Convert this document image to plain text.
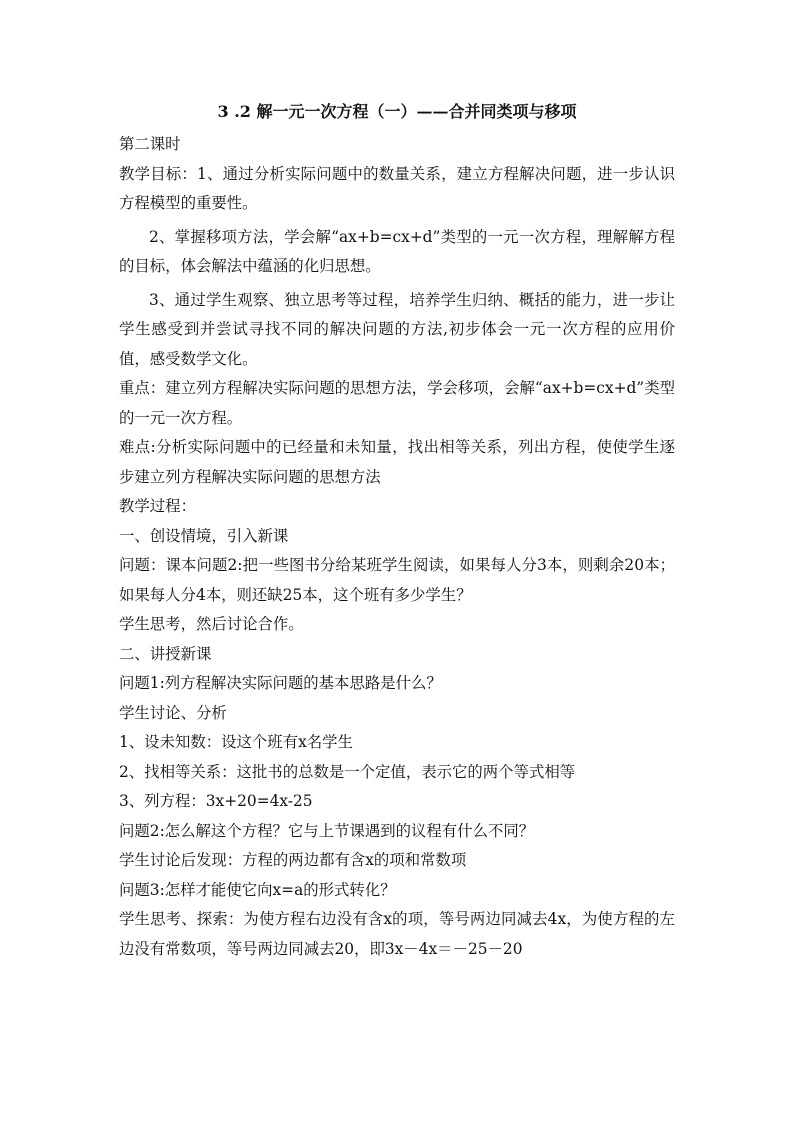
3 .2 解一元一次方程（一）——合并同类项与移项

第二课时

教学目标：1、通过分析实际问题中的数量关系，建立方程解决问题，进一步认识方程模型的重要性。

2、掌握移项方法，学会解“ax+b=cx+d”类型的一元一次方程，理解解方程的目标，体会解法中蕴涵的化归思想。

3、通过学生观察、独立思考等过程，培养学生归纳、概括的能力，进一步让学生感受到并尝试寻找不同的解决问题的方法,初步体会一元一次方程的应用价值，感受数学文化。

重点：建立列方程解决实际问题的思想方法，学会移项，会解“ax+b=cx+d”类型的一元一次方程。

难点:分析实际问题中的已经量和未知量，找出相等关系，列出方程，使使学生逐步建立列方程解决实际问题的思想方法

教学过程：

一、创设情境，引入新课

问题：课本问题2:把一些图书分给某班学生阅读，如果每人分3本，则剩余20本；如果每人分4本，则还缺25本，这个班有多少学生？

学生思考，然后讨论合作。

二、讲授新课

问题1:列方程解决实际问题的基本思路是什么？

学生讨论、分析

1、设未知数：设这个班有x名学生

2、找相等关系：这批书的总数是一个定值，表示它的两个等式相等

3、列方程：3x+20=4x-25

问题2:怎么解这个方程？它与上节课遇到的议程有什么不同？

学生讨论后发现：方程的两边都有含x的项和常数项

问题3:怎样才能使它向x=a的形式转化？

学生思考、探索：为使方程右边没有含x的项，等号两边同减去4x，为使方程的左边没有常数项，等号两边同减去20，即3x－4x＝－25－20
